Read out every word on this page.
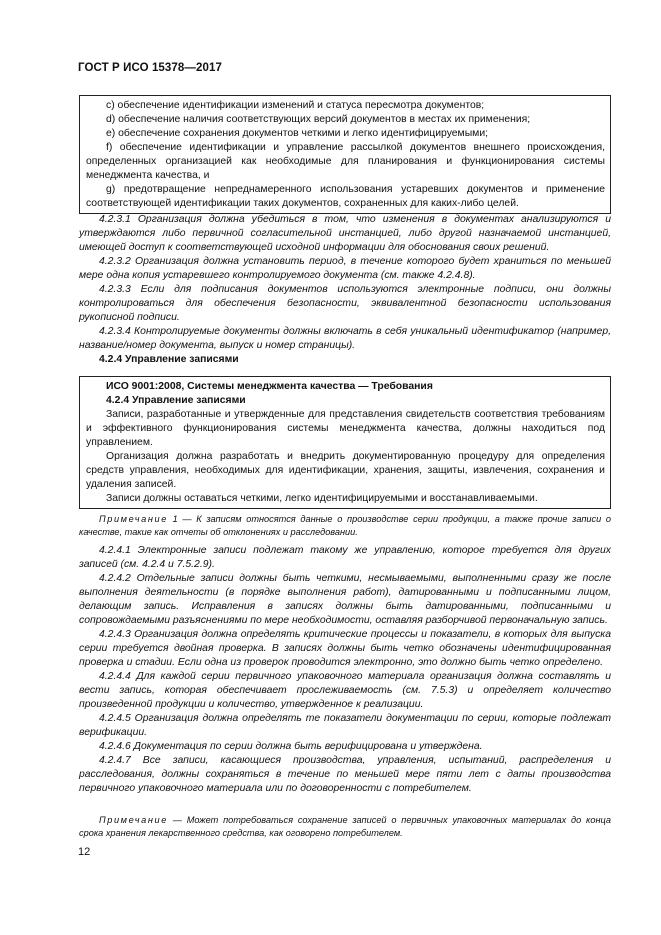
ГОСТ Р ИСО 15378—2017

c) обеспечение идентификации изменений и статуса пересмотра документов;

d) обеспечение наличия соответствующих версий документов в местах их применения;

e) обеспечение сохранения документов четкими и легко идентифицируемыми;

f) обеспечение идентификации и управление рассылкой документов внешнего происхождения, определенных организацией как необходимые для планирования и функционирования системы менеджмента качества, и

g) предотвращение непреднамеренного использования устаревших документов и применение соответствующей идентификации таких документов, сохраненных для каких-либо целей.

4.2.3.1 Организация должна убедиться в том, что изменения в документах анализируются и утверждаются либо первичной согласительной инстанцией, либо другой назначаемой инстанцией, имеющей доступ к соответствующей исходной информации для обоснования своих решений.

4.2.3.2 Организация должна установить период, в течение которого будет храниться по меньшей мере одна копия устаревшего контролируемого документа (см. также 4.2.4.8).

4.2.3.3 Если для подписания документов используются электронные подписи, они должны контролироваться для обеспечения безопасности, эквивалентной безопасности использования рукописной подписи.

4.2.3.4 Контролируемые документы должны включать в себя уникальный идентификатор (например, название/номер документа, выпуск и номер страницы).

4.2.4 Управление записями

ИСО 9001:2008, Системы менеджмента качества — Требования

4.2.4 Управление записями

Записи, разработанные и утвержденные для представления свидетельств соответствия требованиям и эффективного функционирования системы менеджмента качества, должны находиться под управлением.

Организация должна разработать и внедрить документированную процедуру для определения средств управления, необходимых для идентификации, хранения, защиты, извлечения, сохранения и удаления записей.

Записи должны оставаться четкими, легко идентифицируемыми и восстанавливаемыми.

Примечание 1 — К записям относятся данные о производстве серии продукции, а также прочие записи о качестве, такие как отчеты об отклонениях и расследовании.

4.2.4.1 Электронные записи подлежат такому же управлению, которое требуется для других записей (см. 4.2.4 и 7.5.2.9).

4.2.4.2 Отдельные записи должны быть четкими, несмываемыми, выполненными сразу же после выполнения деятельности (в порядке выполнения работ), датированными и подписанными лицом, делающим запись. Исправления в записях должны быть датированными, подписанными и сопровождаемыми разъяснениями по мере необходимости, оставляя разборчивой первоначальную запись.

4.2.4.3 Организация должна определять критические процессы и показатели, в которых для выпуска серии требуется двойная проверка. В записях должны быть четко обозначены идентифицированная проверка и стадии. Если одна из проверок проводится электронно, это должно быть четко определено.

4.2.4.4 Для каждой серии первичного упаковочного материала организация должна составлять и вести запись, которая обеспечивает прослеживаемость (см. 7.5.3) и определяет количество произведенной продукции и количество, утвержденное к реализации.

4.2.4.5 Организация должна определять те показатели документации по серии, которые подлежат верификации.

4.2.4.6 Документация по серии должна быть верифицирована и утверждена.

4.2.4.7 Все записи, касающиеся производства, управления, испытаний, распределения и расследования, должны сохраняться в течение по меньшей мере пяти лет с даты производства первичного упаковочного материала или по договоренности с потребителем.

Примечание — Может потребоваться сохранение записей о первичных упаковочных материалах до конца срока хранения лекарственного средства, как оговорено потребителем.

12
